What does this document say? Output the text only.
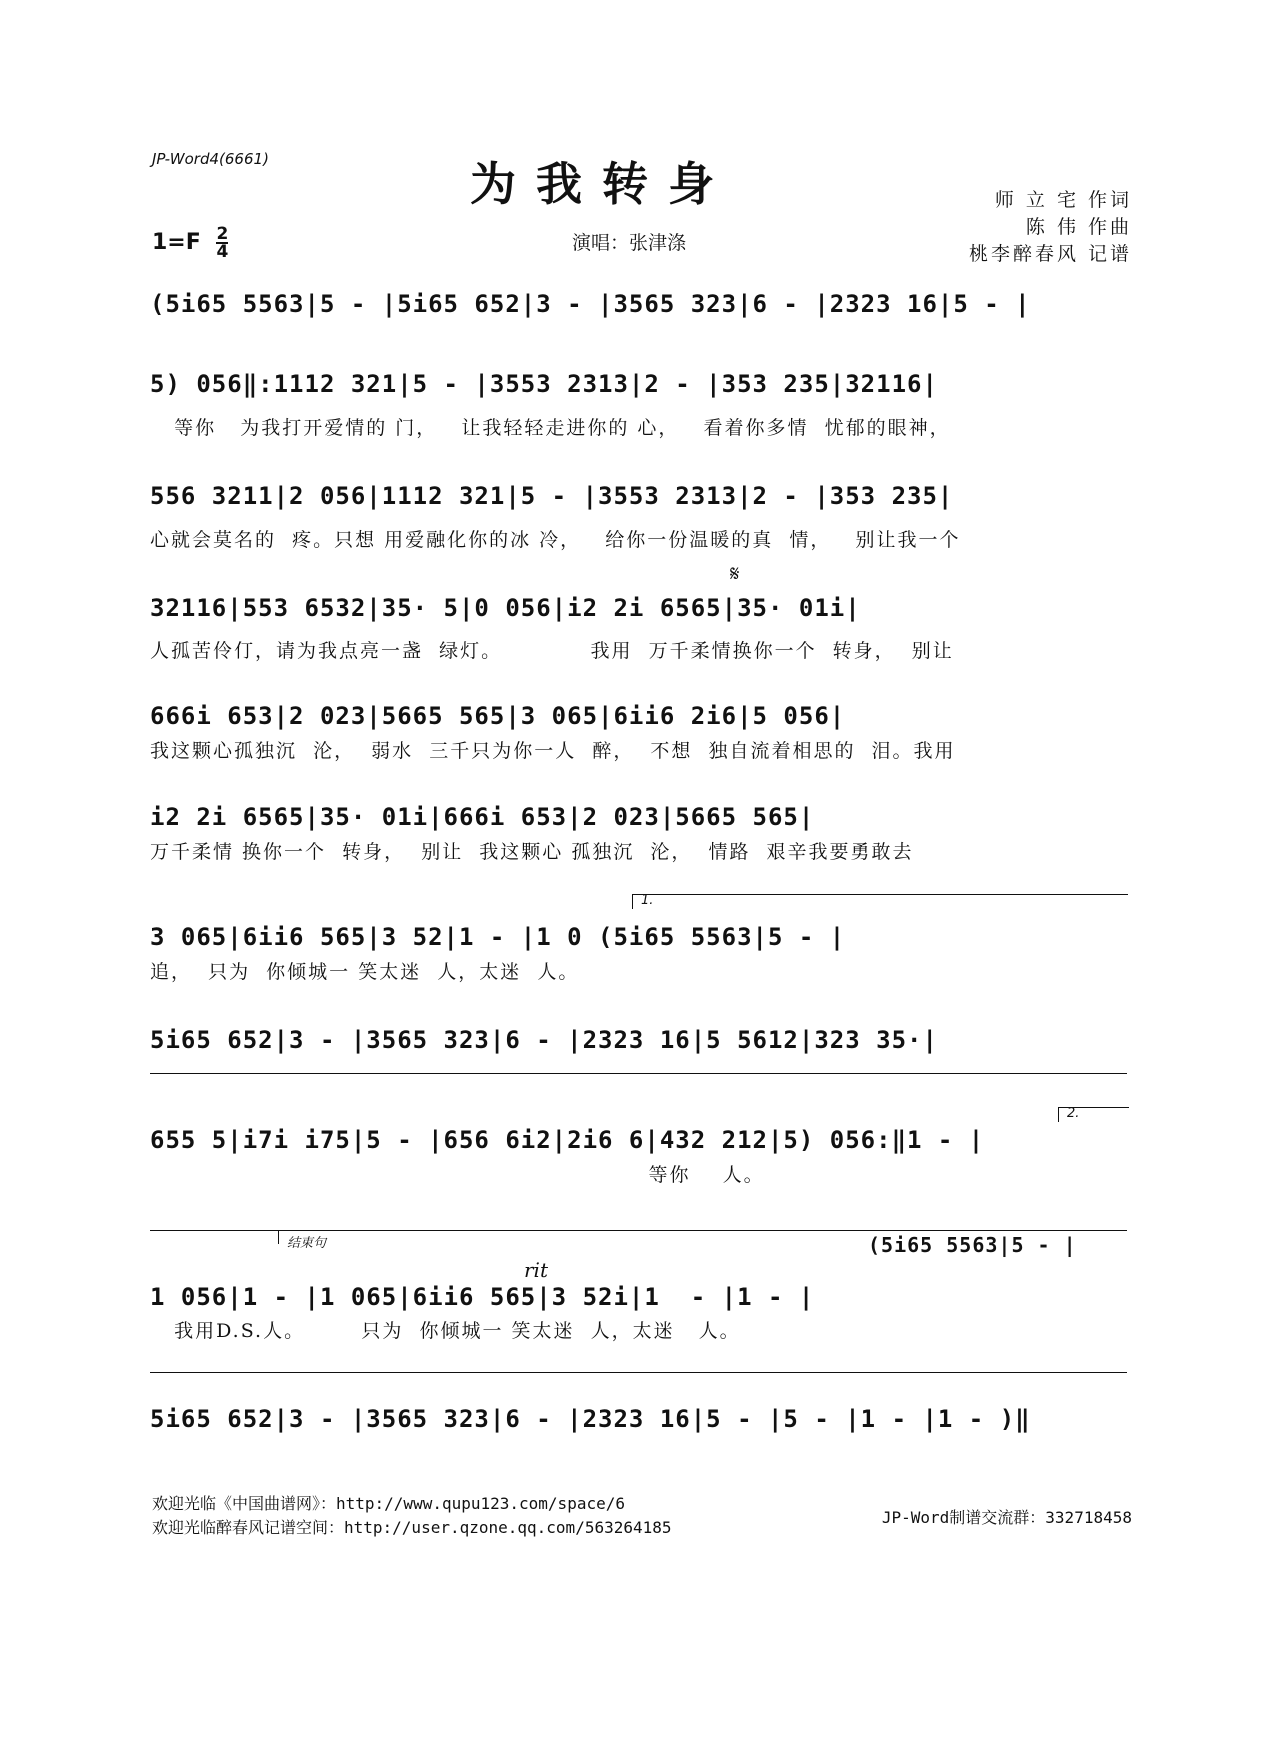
JP-Word4(6661)	为我转身
$1=F \frac{2}{4}$	演唱：张津涤
师 立 宅 作词
陈 伟 作曲
桃李醉春风 记谱
(5i65 5563|5 - |5i65 652|3 - |3565 323|6 - |2323 16|5 - |
5) 056‖:1112 321|5 - |3553 2313|2 - |353 235|32116|
等你   为我打开爱情的 门，   让我轻轻走进你的 心，   看着你多情  忧郁的眼神，
556 3211|2 056|1112 321|5 - |3553 2313|2 - |353 235|
心就会莫名的  疼。只想 用爱融化你的冰 冷，   给你一份温暖的真  情，   别让我一个
𝄋
32116|553 6532|35· 5|0 056|i2 2i 6565|35· 01i|
人孤苦伶仃，请为我点亮一盏  绿灯。           我用  万千柔情换你一个  转身，  别让
666i 653|2 023|5665 565|3 065|6ii6 2i6|5 056|
我这颗心孤独沉  沦，  弱水  三千只为你一人  醉，  不想  独自流着相思的  泪。我用
i2 2i 6565|35· 01i|666i 653|2 023|5665 565|
万千柔情 换你一个  转身，  别让  我这颗心 孤独沉  沦，  情路  艰辛我要勇敢去
1.
3 065|6ii6 565|3 52|1 - |1 0 (5i65 5563|5 - |
追，  只为  你倾城一 笑太迷  人，太迷  人。
5i65 652|3 - |3565 323|6 - |2323 16|5 5612|323 35·|
2.
655 5|i7i i75|5 - |656 6i2|2i6 6|432 212|5) 056:‖1 - |
等你    人。
结束句	(5i65 5563|5 - |
rit
1 056|1 - |1 065|6ii6 565|3 52i|1  - |1 - |
我用D.S.人。       只为  你倾城一 笑太迷  人，太迷   人。
5i65 652|3 - |3565 323|6 - |2323 16|5 - |5 - |1 - |1 - )‖
欢迎光临《中国曲谱网》：http://www.qupu123.com/space/6
欢迎光临醉春风记谱空间：http://user.qzone.qq.com/563264185
JP-Word制谱交流群：332718458
